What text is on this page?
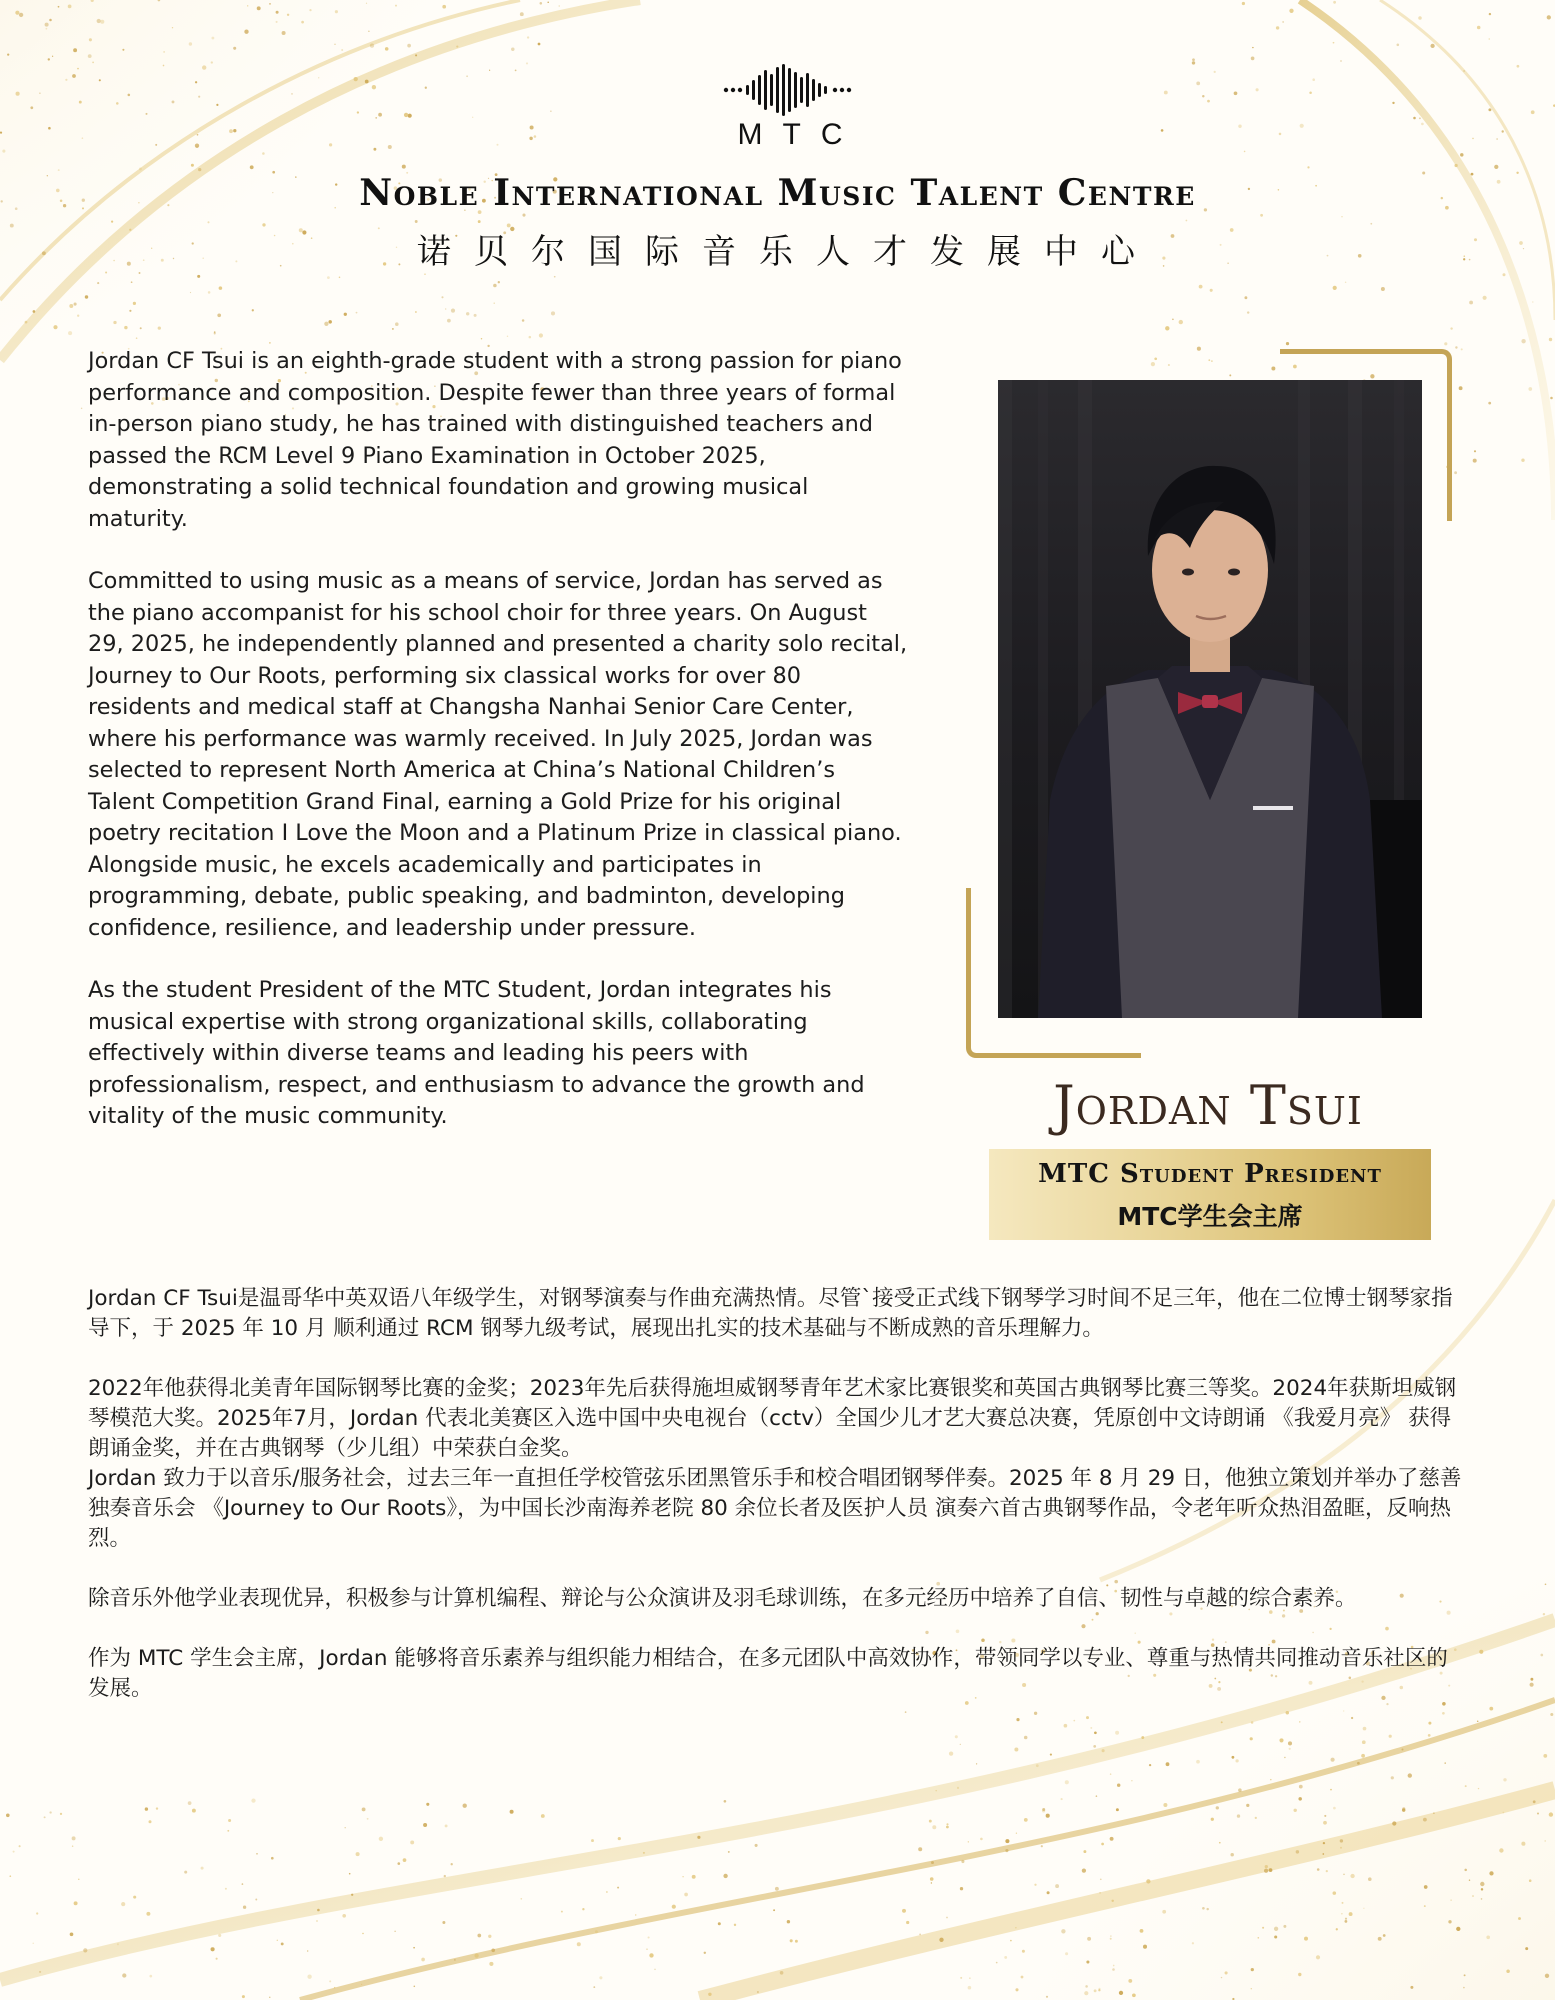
MTC
Noble International Music Talent Centre
诺贝尔国际音乐人才发展中心

Jordan CF Tsui is an eighth-grade student with a strong passion for piano performance and composition. Despite fewer than three years of formal in-person piano study, he has trained with distinguished teachers and passed the RCM Level 9 Piano Examination in October 2025, demonstrating a solid technical foundation and growing musical maturity.

Committed to using music as a means of service, Jordan has served as the piano accompanist for his school choir for three years. On August 29, 2025, he independently planned and presented a charity solo recital, Journey to Our Roots, performing six classical works for over 80 residents and medical staff at Changsha Nanhai Senior Care Center, where his performance was warmly received. In July 2025, Jordan was selected to represent North America at China’s National Children’s Talent Competition Grand Final, earning a Gold Prize for his original poetry recitation I Love the Moon and a Platinum Prize in classical piano. Alongside music, he excels academically and participates in programming, debate, public speaking, and badminton, developing confidence, resilience, and leadership under pressure.

As the student President of the MTC Student, Jordan integrates his musical expertise with strong organizational skills, collaborating effectively within diverse teams and leading his peers with professionalism, respect, and enthusiasm to advance the growth and vitality of the music community.	Jordan Tsui
MTC Student President
MTC学生会主席

Jordan CF Tsui是温哥华中英双语八年级学生，对钢琴演奏与作曲充满热情。尽管`接受正式线下钢琴学习时间不足三年，他在二位博士钢琴家指导下，于 2025 年 10 月 顺利通过 RCM 钢琴九级考试，展现出扎实的技术基础与不断成熟的音乐理解力。

2022年他获得北美青年国际钢琴比赛的金奖；2023年先后获得施坦威钢琴青年艺术家比赛银奖和英国古典钢琴比赛三等奖。2024年获斯坦威钢琴模范大奖。2025年7月，Jordan 代表北美赛区入选中国中央电视台（cctv）全国少儿才艺大赛总决赛，凭原创中文诗朗诵 《我爱月亮》 获得朗诵金奖，并在古典钢琴（少儿组）中荣获白金奖。

Jordan 致力于以音乐/服务社会，过去三年一直担任学校管弦乐团黑管乐手和校合唱团钢琴伴奏。2025 年 8 月 29 日，他独立策划并举办了慈善独奏音乐会 《Journey to Our Roots》，为中国长沙南海养老院 80 余位长者及医护人员 演奏六首古典钢琴作品，令老年听众热泪盈眶，反响热烈。

除音乐外他学业表现优异，积极参与计算机编程、辩论与公众演讲及羽毛球训练，在多元经历中培养了自信、韧性与卓越的综合素养。

作为 MTC 学生会主席，Jordan 能够将音乐素养与组织能力相结合，在多元团队中高效协作，带领同学以专业、尊重与热情共同推动音乐社区的发展。
